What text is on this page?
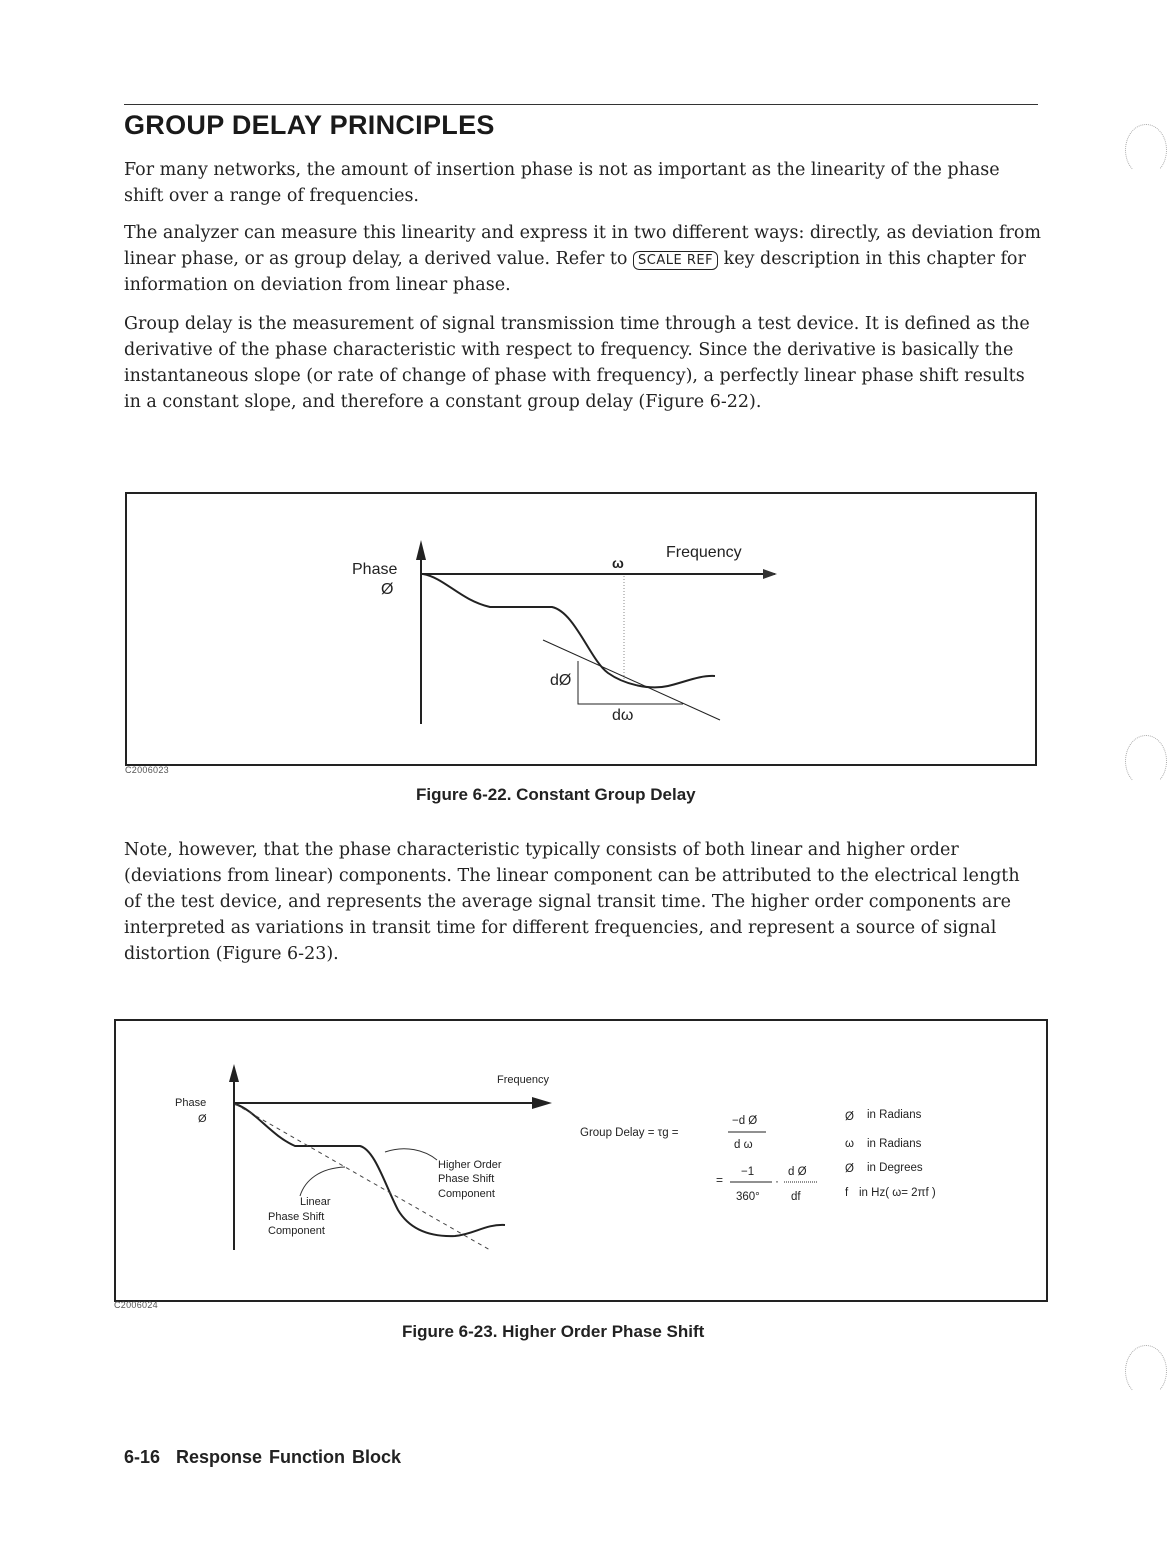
GROUP DELAY PRINCIPLES
For many networks, the amount of insertion phase is not as important as the linearity of the phase shift over a range of frequencies.
The analyzer can measure this linearity and express it in two different ways: directly, as deviation from linear phase, or as group delay, a derived value. Refer to SCALE REF key description in this chapter for information on deviation from linear phase.
Group delay is the measurement of signal transmission time through a test device. It is defined as the derivative of the phase characteristic with respect to frequency. Since the derivative is basically the instantaneous slope (or rate of change of phase with frequency), a perfectly linear phase shift results in a constant slope, and therefore a constant group delay (Figure 6-22).
Phase
Ø
Frequency
ω
dØ
dω
C2006023
Figure 6-22. Constant Group Delay
Note, however, that the phase characteristic typically consists of both linear and higher order (deviations from linear) components. The linear component can be attributed to the electrical length of the test device, and represents the average signal transit time. The higher order components are interpreted as variations in transit time for different frequencies, and represent a source of signal distortion (Figure 6-23).
Phase
Ø
Frequency
Higher Order
Phase Shift
Component
Linear
Phase Shift
Component
Group Delay = τg =
−d Ø
d ω
=
−1
360°
·
d Ø
df
Ø in Radians
ω in Radians
Ø in Degrees
f in Hz( ω= 2πf )
C2006024
Figure 6-23. Higher Order Phase Shift
6-16 Response Function Block
